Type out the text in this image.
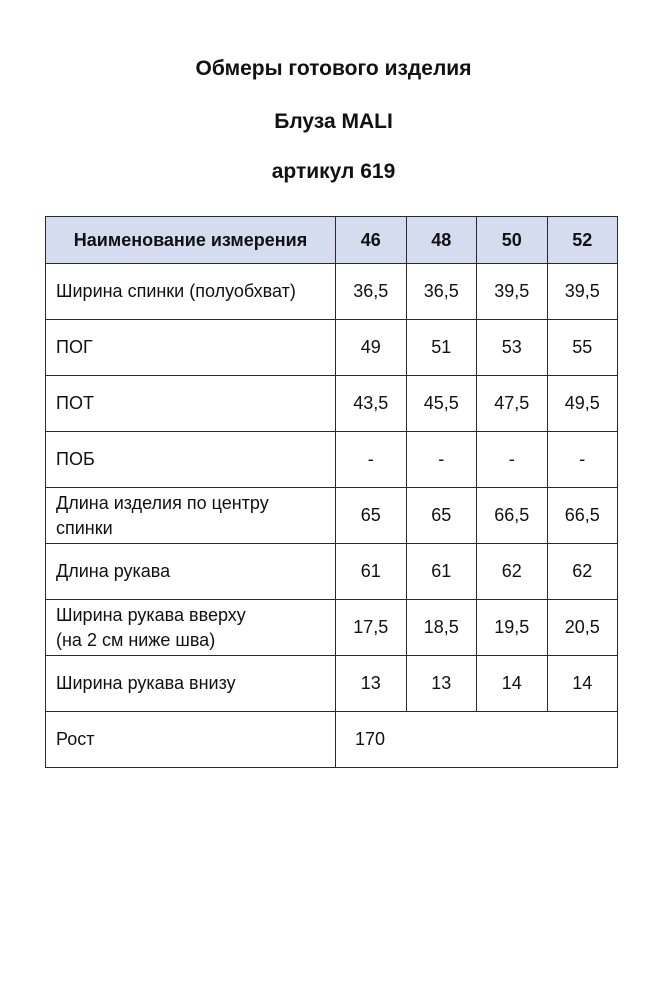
Обмеры готового изделия
Блуза MALI
артикул 619
Наименование измерения	46	48	50	52

Ширина спинки (полуобхват)	36,5	36,5	39,5	39,5

ПОГ	49	51	53	55

ПОТ	43,5	45,5	47,5	49,5

ПОБ	-	-	-	-

Длина изделия по центру
спинки	65	65	66,5	66,5

Длина рукава	61	61	62	62

Ширина рукава вверху
(на 2 см ниже шва)	17,5	18,5	19,5	20,5

Ширина рукава внизу	13	13	14	14
Рост	170			
